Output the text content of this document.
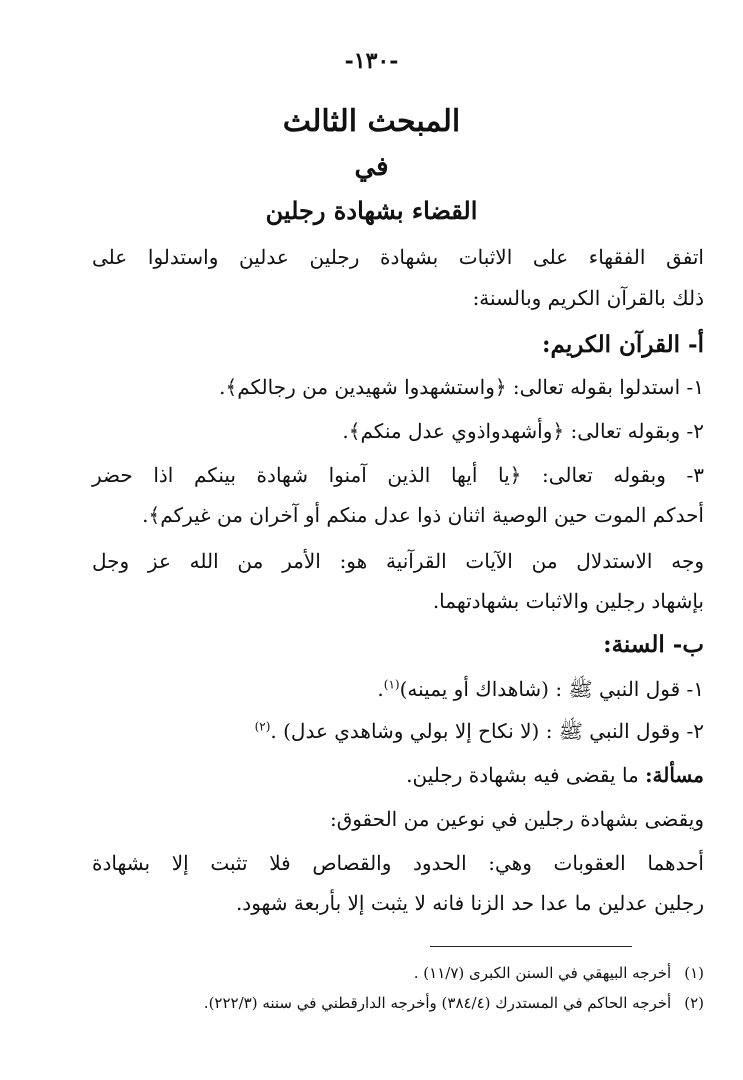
-١٣٠-
المبحث الثالث
في
القضاء بشهادة رجلين
اتفق الفقهاء على الاثبات بشهادة رجلين عدلين واستدلوا على
ذلك بالقرآن الكريم وبالسنة:
أ- القرآن الكريم:
١- استدلوا بقوله تعالى: ﴿واستشهدوا شهيدين من رجالكم﴾.
٢- وبقوله تعالى: ﴿وأشهدواذوي عدل منكم﴾.
٣- وبقوله تعالى: ﴿يا أيها الذين آمنوا شهادة بينكم اذا حضر
أحدكم الموت حين الوصية اثنان ذوا عدل منكم أو آخران من غيركم﴾.
وجه الاستدلال من الآيات القرآنية هو: الأمر من الله عز وجل
بإشهاد رجلين والاثبات بشهادتهما.
ب- السنة:
١- قول النبي ﷺ : (شاهداك أو يمينه)$^{(١)}$.
٢- وقول النبي ﷺ : (لا نكاح إلا بولي وشاهدي عدل) .$^{(٢)}$
مسألة: ما يقضى فيه بشهادة رجلين.
ويقضى بشهادة رجلين في نوعين من الحقوق:
أحدهما العقوبات وهي: الحدود والقصاص فلا تثبت إلا بشهادة
رجلين عدلين ما عدا حد الزنا فانه لا يثبت إلا بأربعة شهود.
(١) أخرجه البيهقي في السنن الكبرى (١١/٧) .
(٢) أخرجه الحاكم في المستدرك (٣٨٤/٤) وأخرجه الدارقطني في سننه (٢٢٢/٣).
